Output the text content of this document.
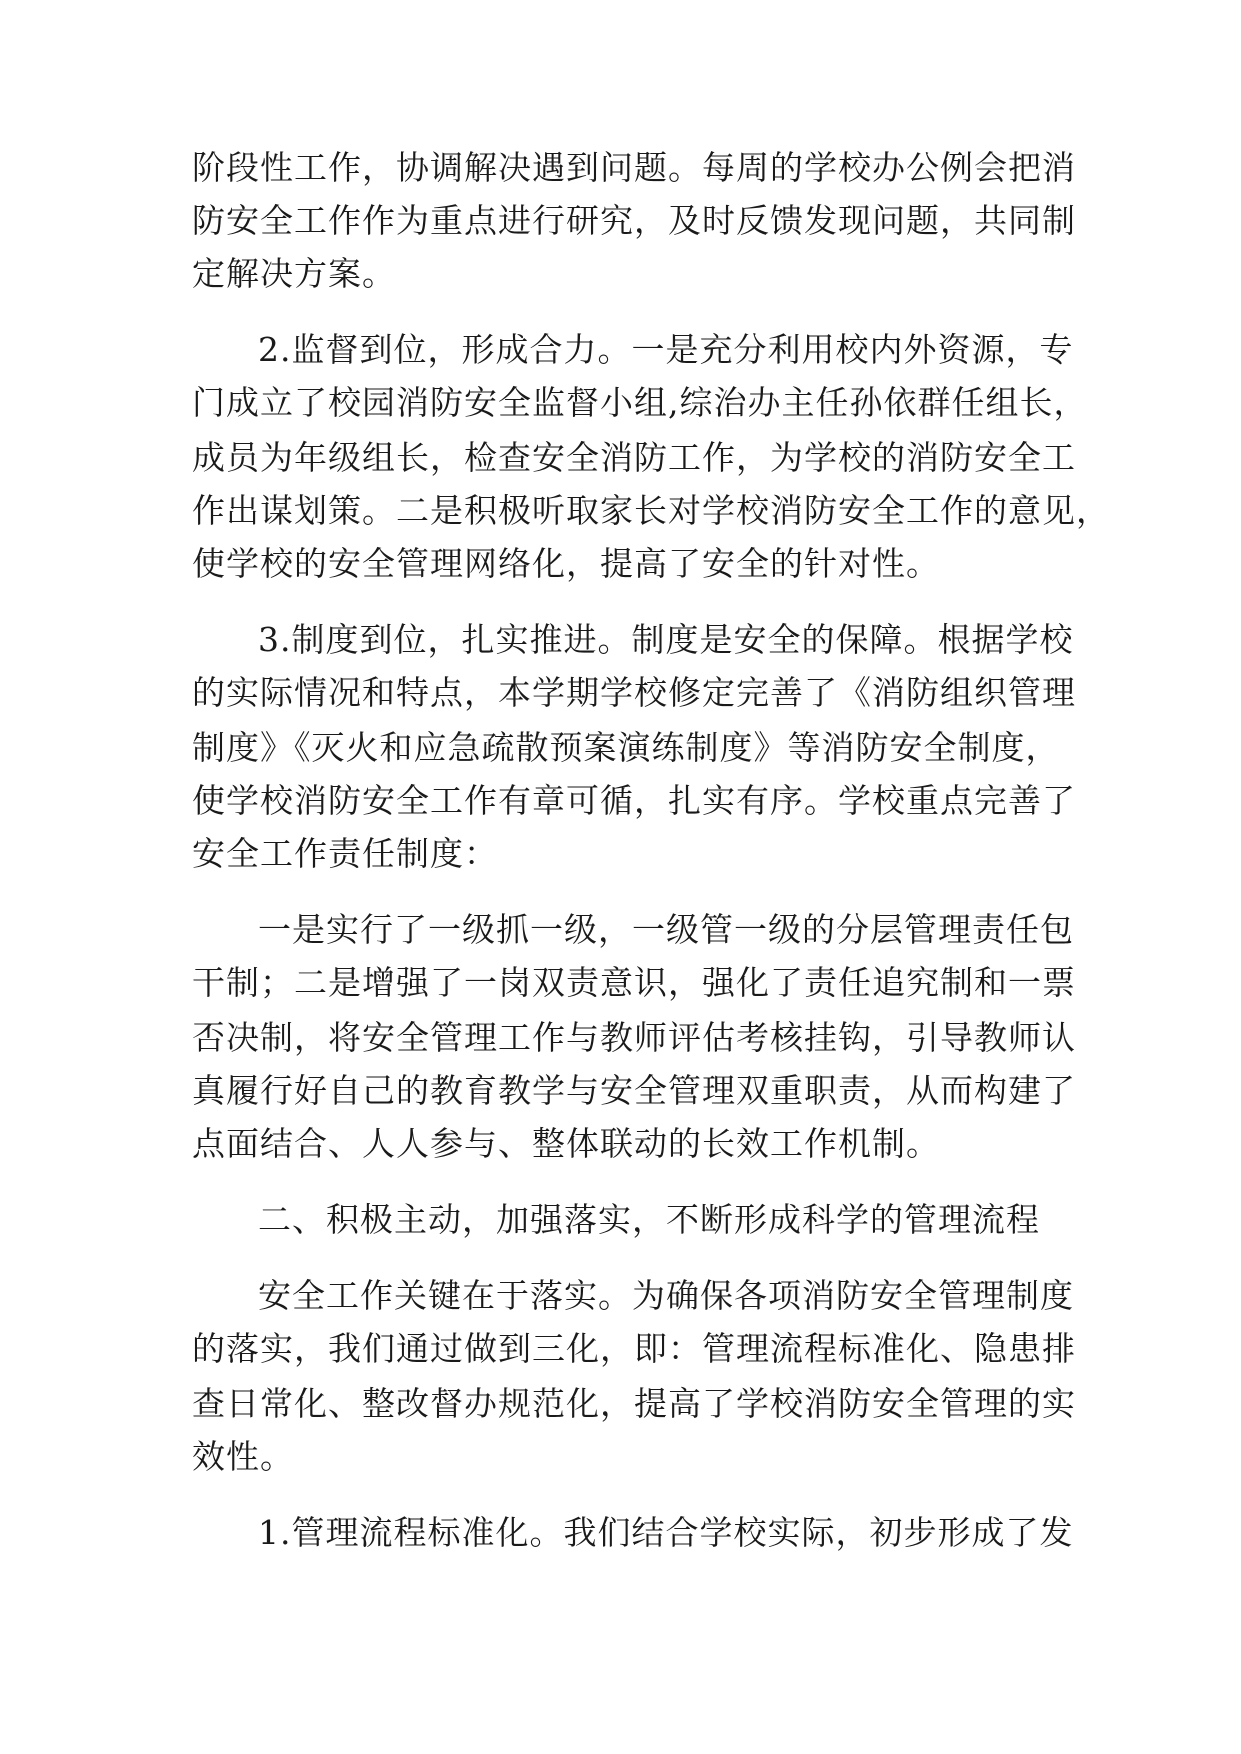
阶段性工作，协调解决遇到问题。每周的学校办公例会把消
防安全工作作为重点进行研究，及时反馈发现问题，共同制
定解决方案。
2.监督到位，形成合力。一是充分利用校内外资源，专
门成立了校园消防安全监督小组,综治办主任孙依群任组长，
成员为年级组长，检查安全消防工作，为学校的消防安全工
作出谋划策。二是积极听取家长对学校消防安全工作的意见，
使学校的安全管理网络化，提高了安全的针对性。
3.制度到位，扎实推进。制度是安全的保障。根据学校
的实际情况和特点，本学期学校修定完善了《消防组织管理
制度》《灭火和应急疏散预案演练制度》等消防安全制度，
使学校消防安全工作有章可循，扎实有序。学校重点完善了
安全工作责任制度：
一是实行了一级抓一级，一级管一级的分层管理责任包
干制；二是增强了一岗双责意识，强化了责任追究制和一票
否决制，将安全管理工作与教师评估考核挂钩，引导教师认
真履行好自己的教育教学与安全管理双重职责，从而构建了
点面结合、人人参与、整体联动的长效工作机制。
二、积极主动，加强落实，不断形成科学的管理流程
安全工作关键在于落实。为确保各项消防安全管理制度
的落实，我们通过做到三化，即：管理流程标准化、隐患排
查日常化、整改督办规范化，提高了学校消防安全管理的实
效性。
1.管理流程标准化。我们结合学校实际，初步形成了发
